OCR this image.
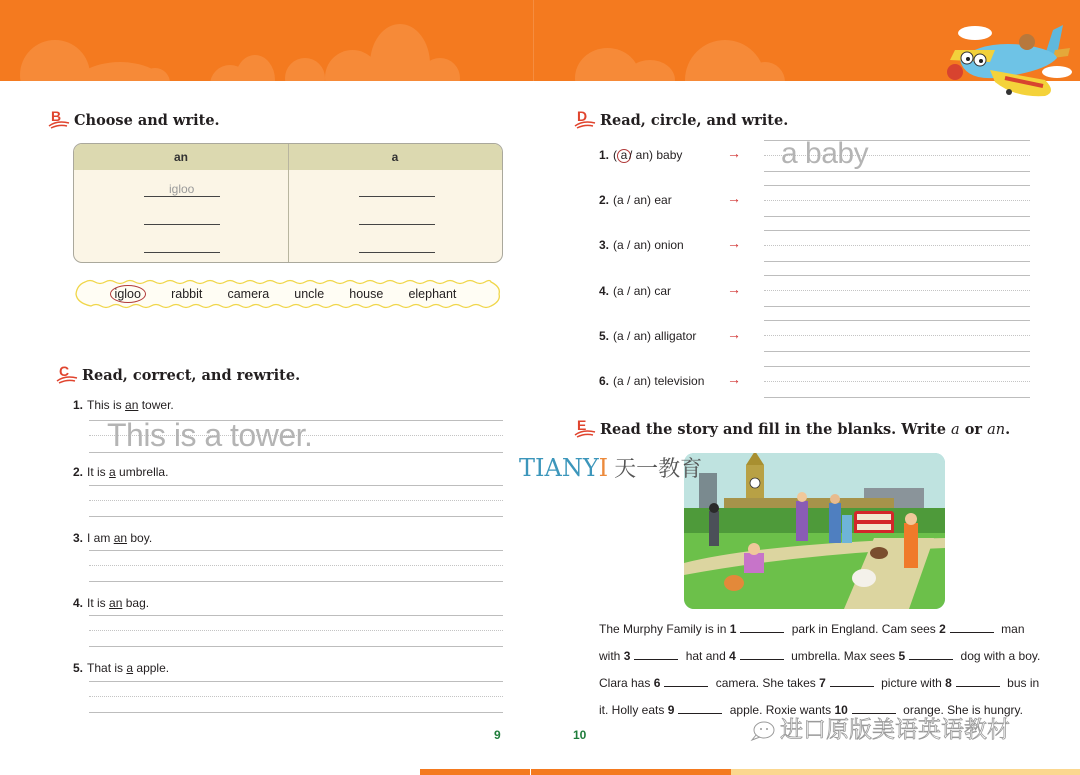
B Choose and write.
an	a
igloo
igloo	rabbit camera uncle house elephant
C Read, correct, and rewrite.
1. This is an tower.
This is a tower.
2. It is a umbrella.
3. I am an boy.
4. It is an bag.
5. That is a apple.
9
D Read, circle, and write.
1. ( a / an) baby	→ a baby
2. (a / an) ear	→
3. (a / an) onion	→
4. (a / an) car	→
5. (a / an) alligator →
6. (a / an) television →
E Read the story and fill in the blanks. Write a or an.
The Murphy Family is in 1	park in England. Cam sees 2	man
with 3	hat and 4	umbrella. Max sees 5	dog with a boy.
Clara has 6	camera. She takes 7	picture with 8	bus in
it. Holly eats 9	apple. Roxie wants 10	orange. She is hungry.
10
TIANYI 天一教育
进口原版美语英语教材
